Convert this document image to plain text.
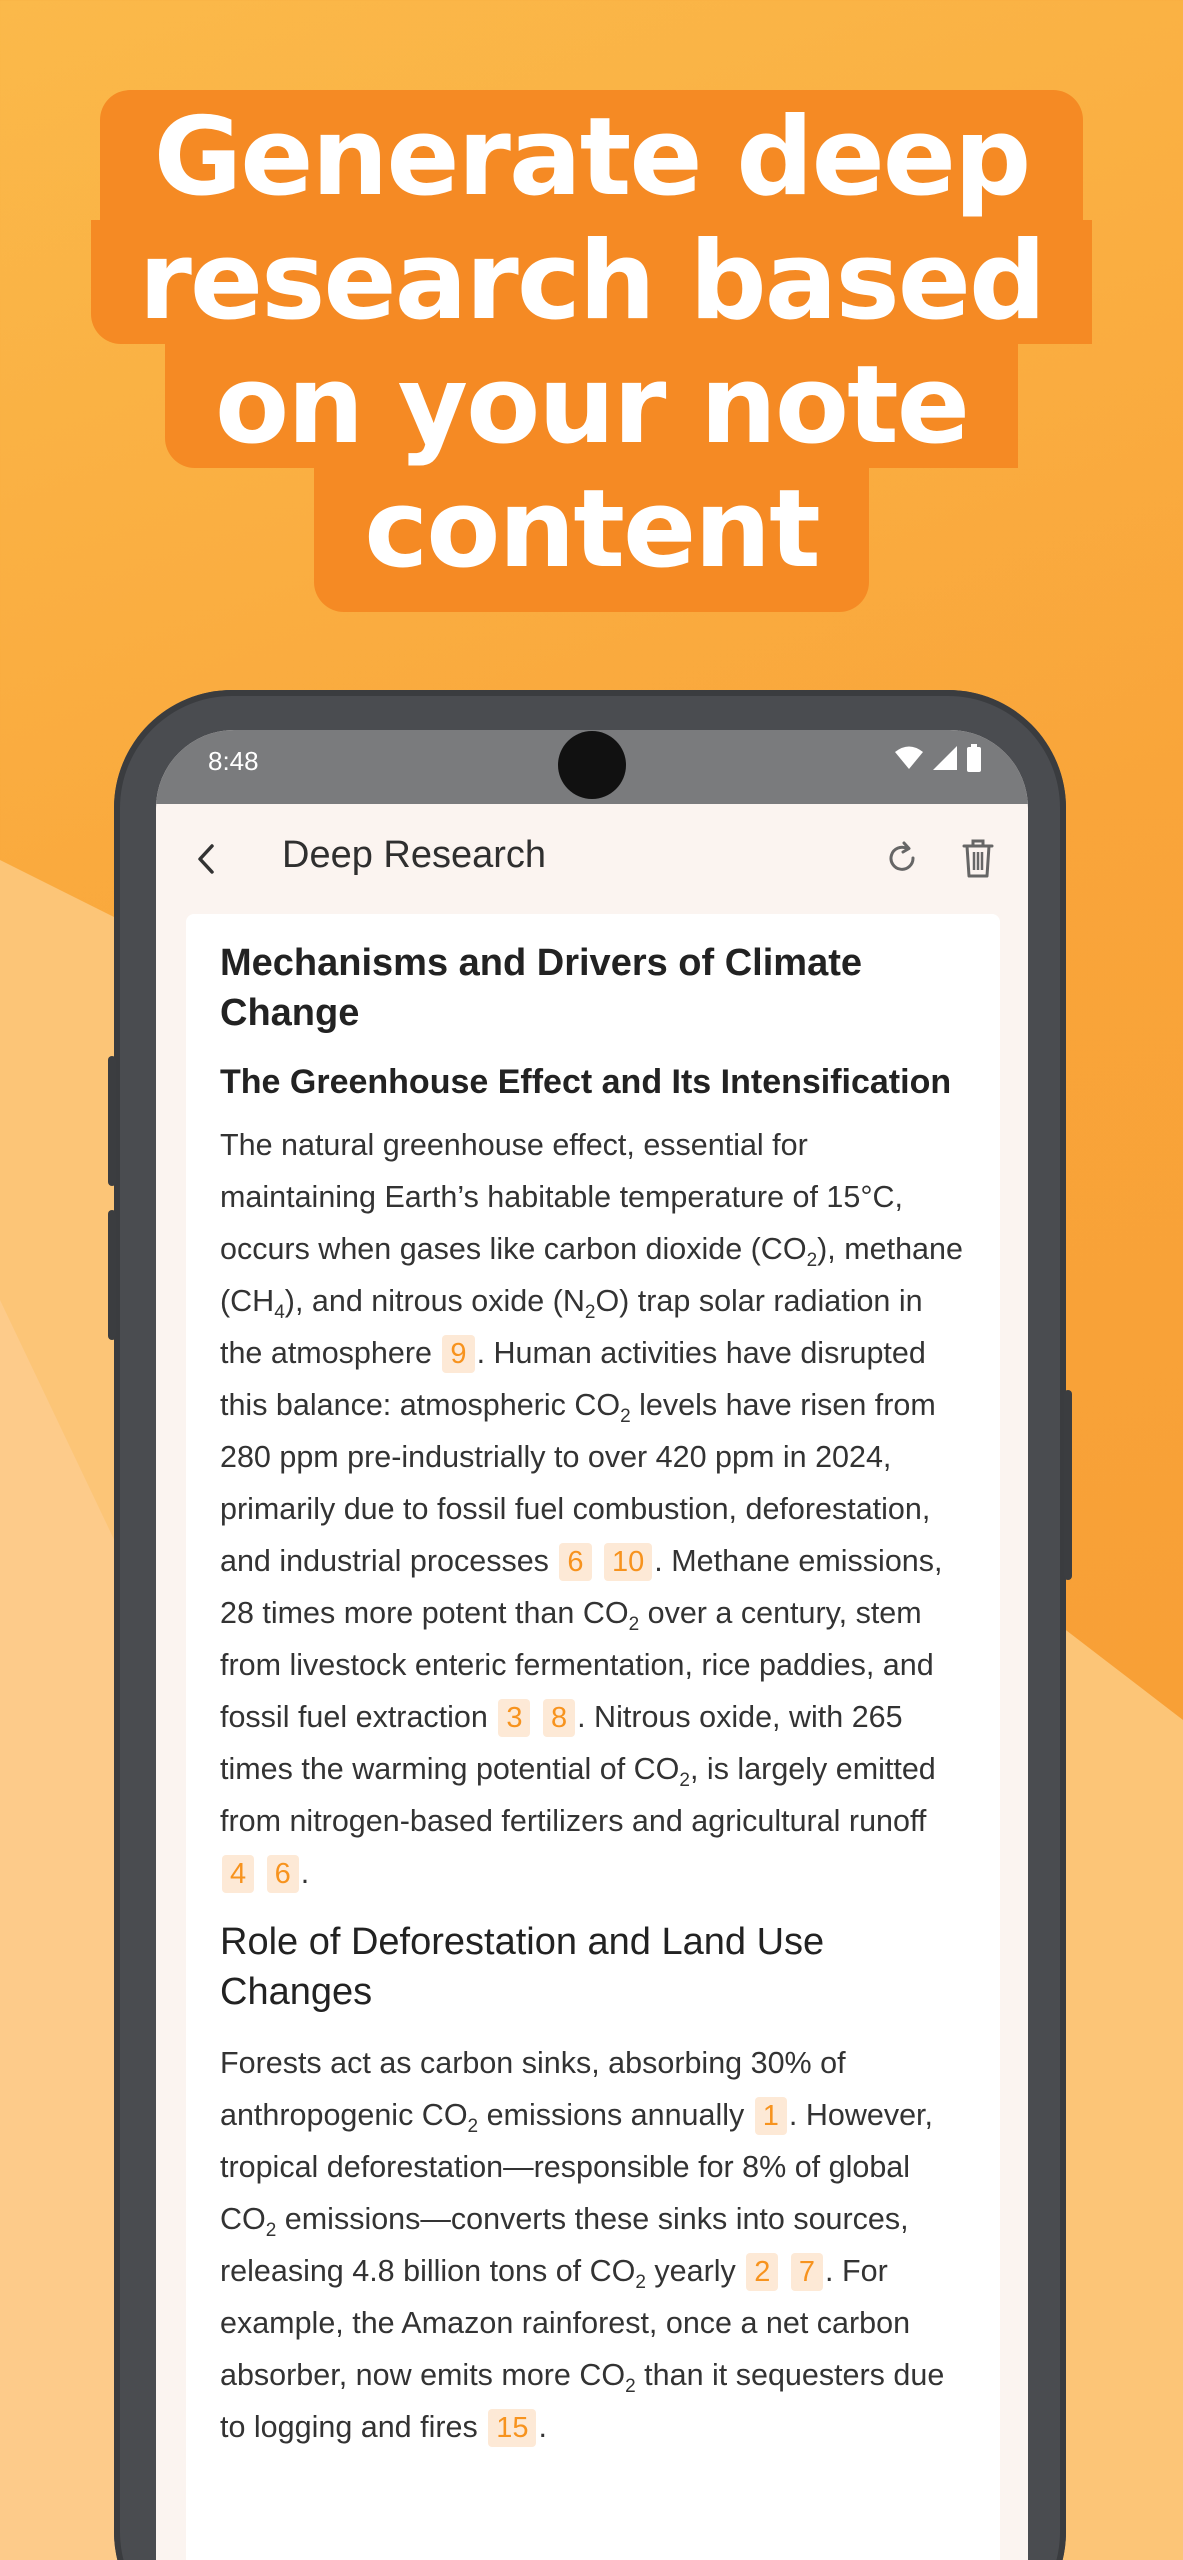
Generate deep
research based
on your note
content
8:48
Deep Research
Mechanisms and Drivers of Climate Change
The Greenhouse Effect and Its Intensification

The natural greenhouse effect, essential for maintaining Earth’s habitable temperature of 15°C, occurs when gases like carbon dioxide $(CO_2)$, methane $(CH_4)$, and nitrous oxide $(N_2O)$ trap solar radiation in the atmosphere 9 . Human activities have disrupted this balance: atmospheric $CO_2$ levels have risen from 280 ppm pre-industrially to over 420 ppm in 2024, primarily due to fossil fuel combustion, deforestation, and industrial processes 6 10 . Methane emissions, 28 times more potent than $CO_2$ over a century, stem from livestock enteric fermentation, rice paddies, and fossil fuel extraction 3 8 . Nitrous oxide, with 265 times the warming potential of $CO_2$, is largely emitted from nitrogen-based fertilizers and agricultural runoff 4 6 .

Role of Deforestation and Land Use Changes

Forests act as carbon sinks, absorbing 30% of anthropogenic $CO_2$ emissions annually 1 . However, tropical deforestation—responsible for 8% of global $CO_2$ emissions—converts these sinks into sources, releasing 4.8 billion tons of $CO_2$ yearly 2 7 . For example, the Amazon rainforest, once a net carbon absorber, now emits more $CO_2$ than it sequesters due to logging and fires 15 .
